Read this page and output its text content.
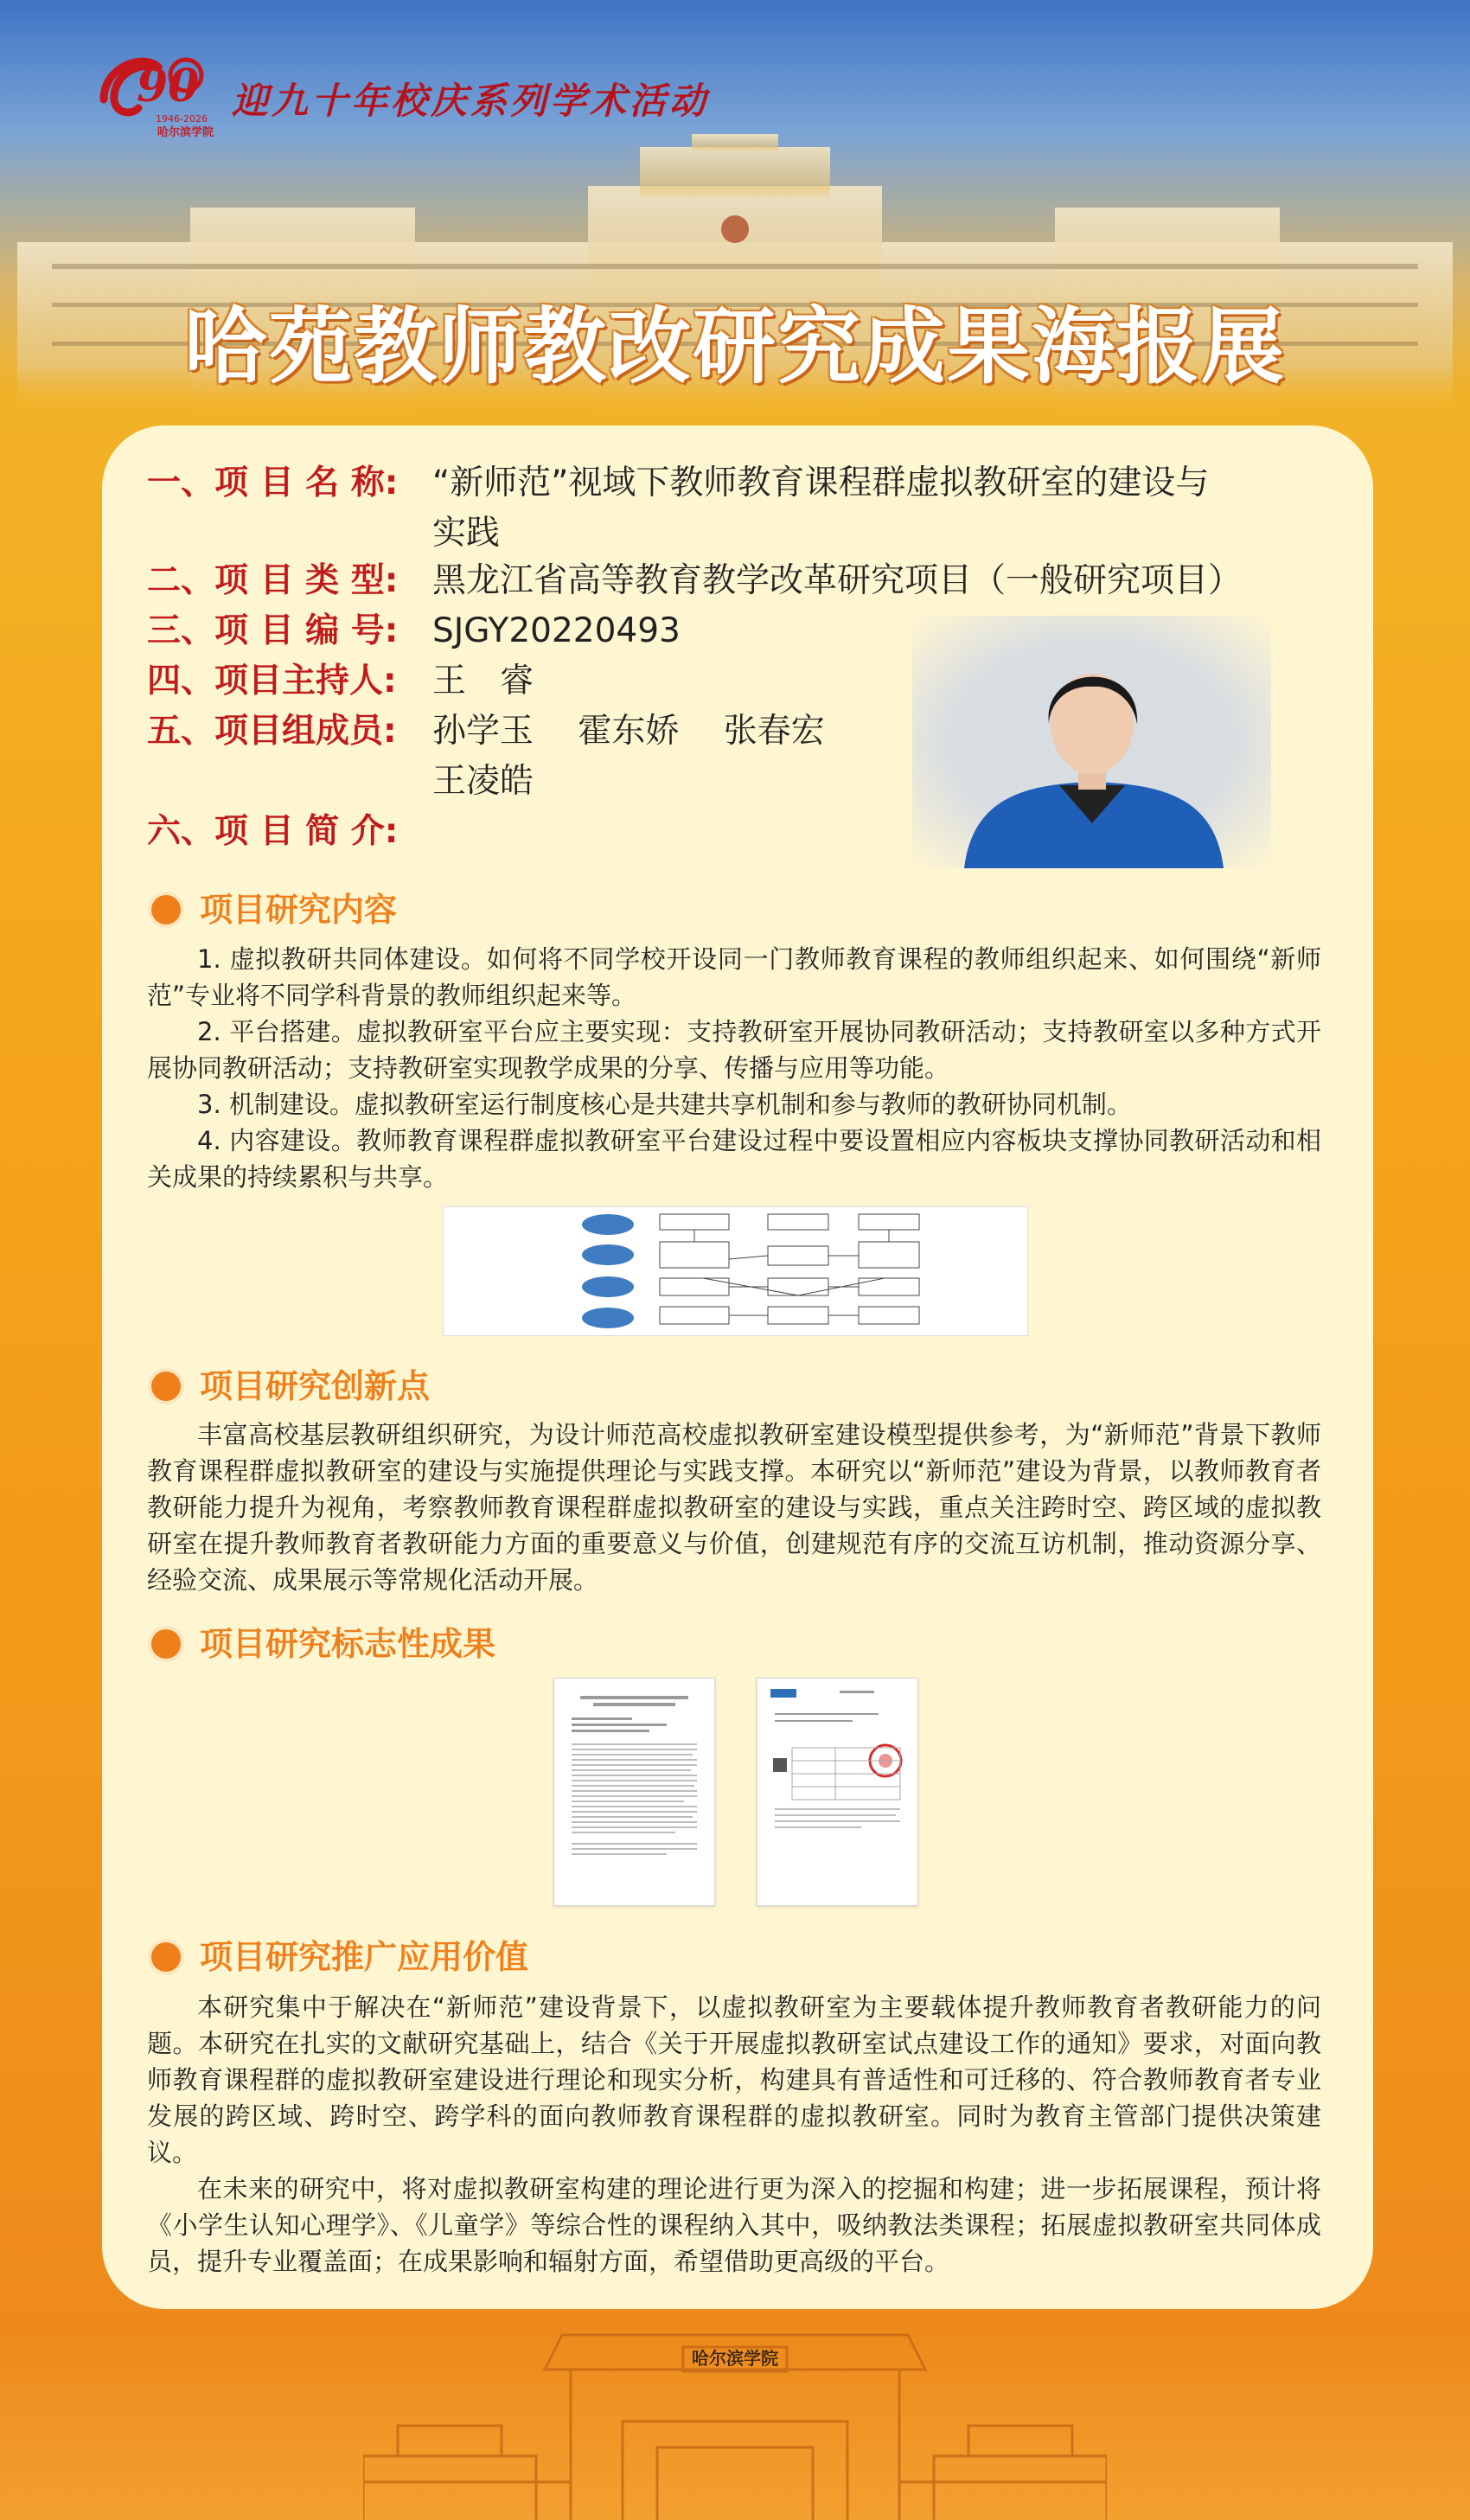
90
1946-2026
哈尔滨学院
迎九十年校庆系列学术活动
哈苑教师教改研究成果海报展
一、项 目 名 称: “新师范”视域下教师教育课程群虚拟教研室的建设与
实践
二、项 目 类 型: 黑龙江省高等教育教学改革研究项目（一般研究项目）
三、项 目 编 号: SJGY20220493
四、项目主持人: 王　睿
五、项目组成员: 孙学玉　 霍东娇　 张春宏
王凌皓
六、项 目 简 介:
项目研究内容

1. 虚拟教研共同体建设。如何将不同学校开设同一门教师教育课程的教师组织起来、如何围绕“新师范”专业将不同学科背景的教师组织起来等。

2. 平台搭建。虚拟教研室平台应主要实现：支持教研室开展协同教研活动；支持教研室以多种方式开展协同教研活动；支持教研室实现教学成果的分享、传播与应用等功能。

3. 机制建设。虚拟教研室运行制度核心是共建共享机制和参与教师的教研协同机制。

4. 内容建设。教师教育课程群虚拟教研室平台建设过程中要设置相应内容板块支撑协同教研活动和相关成果的持续累积与共享。

项目研究创新点

丰富高校基层教研组织研究，为设计师范高校虚拟教研室建设模型提供参考，为“新师范”背景下教师教育课程群虚拟教研室的建设与实施提供理论与实践支撑。本研究以“新师范”建设为背景，以教师教育者教研能力提升为视角，考察教师教育课程群虚拟教研室的建设与实践，重点关注跨时空、跨区域的虚拟教研室在提升教师教育者教研能力方面的重要意义与价值，创建规范有序的交流互访机制，推动资源分享、经验交流、成果展示等常规化活动开展。

项目研究标志性成果
项目研究推广应用价值

本研究集中于解决在“新师范”建设背景下，以虚拟教研室为主要载体提升教师教育者教研能力的问题。本研究在扎实的文献研究基础上，结合《关于开展虚拟教研室试点建设工作的通知》要求，对面向教师教育课程群的虚拟教研室建设进行理论和现实分析，构建具有普适性和可迁移的、符合教师教育者专业发展的跨区域、跨时空、跨学科的面向教师教育课程群的虚拟教研室。同时为教育主管部门提供决策建议。

在未来的研究中，将对虚拟教研室构建的理论进行更为深入的挖掘和构建；进一步拓展课程，预计将《小学生认知心理学》、《儿童学》等综合性的课程纳入其中，吸纳教法类课程；拓展虚拟教研室共同体成员，提升专业覆盖面；在成果影响和辐射方面，希望借助更高级的平台。

哈尔滨学院
